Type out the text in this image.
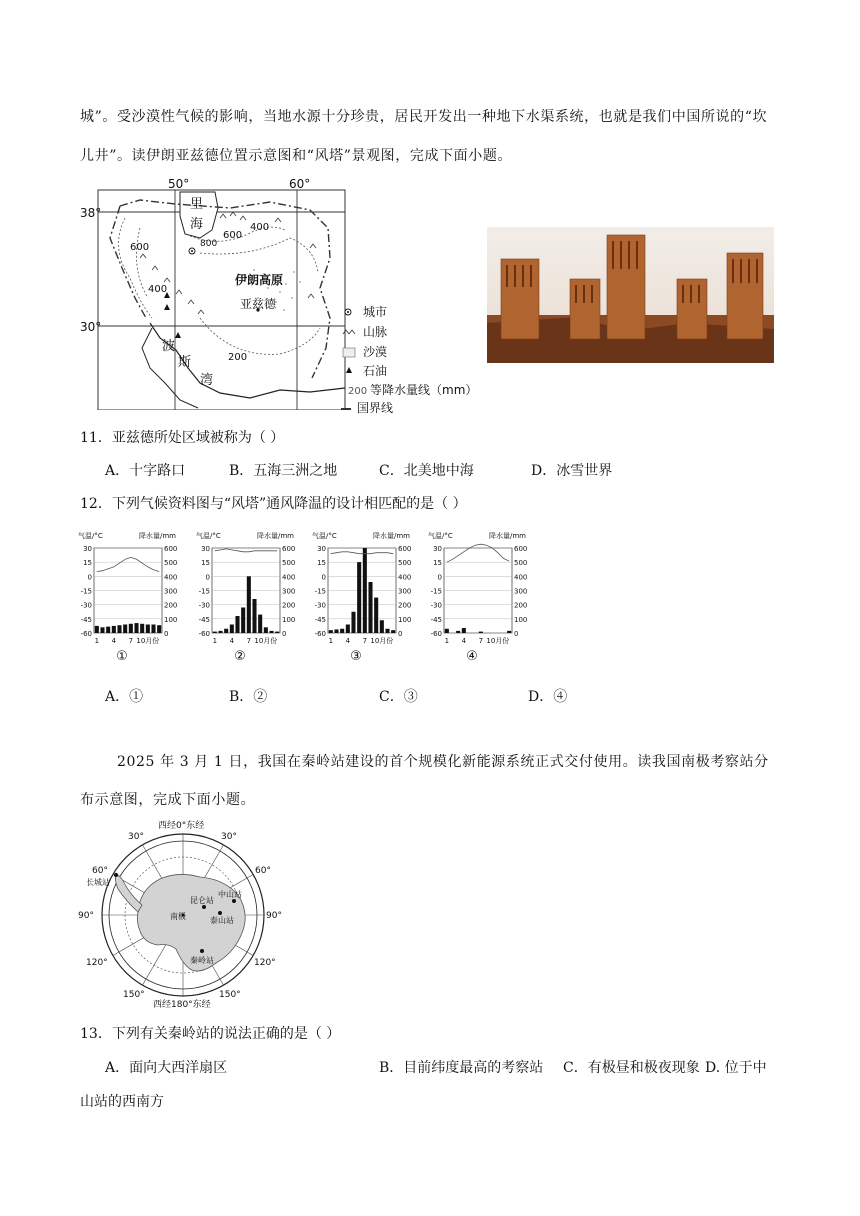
城”。受沙漠性气候的影响，当地水源十分珍贵，居民开发出一种地下水渠系统，也就是我们中国所说的“坎
儿井”。读伊朗亚兹德位置示意图和“风塔”景观图，完成下面小题。
50°	60°
38°
30°
里
海
800
600
400
600
400
200
伊朗高原
亚兹德
波
斯
湾
城市
山脉
沙漠
石油
200 等降水量线（mm）
国界线
11．亚兹德所处区域被称为（ ）
A．十字路口	B．五海三洲之地	C．北美地中海	D．冰雪世界
12．下列气候资料图与“风塔”通风降温的设计相匹配的是（ ）
30
15
0
-15
-30
-45
-60
600
500
400
300
200
100
0
气温/°C	降水量/mm
1 4 7 10月份
①
30
15
0
-15
-30
-45
-60
600
500
400
300
200
100
0
气温/°C	降水量/mm
1 4 7 10月份
②
30
15
0
-15
-30
-45
-60
600
500
400
300
200
100
0
气温/°C	降水量/mm
1 4 7 10月份
③
30
15
0
-15
-30
-45
-60
600
500
400
300
200
100
0
气温/°C	降水量/mm
1 4 7 10月份
④
A．①	B．②	C．③	D．④
2025 年 3 月 1 日，我国在秦岭站建设的首个规模化新能源系统正式交付使用。读我国南极考察站分
布示意图，完成下面小题。
西经0°东经
西经180°东经
30°	30°
60°	60°
90°	90°
120°	120°
150°	150°
长城站
昆仑站
中山站
泰山站
秦岭站
南极
13．下列有关秦岭站的说法正确的是（ ）
A．面向大西洋扇区	B．目前纬度最高的考察站 C．有极昼和极夜现象 D. 位于中
山站的西南方
